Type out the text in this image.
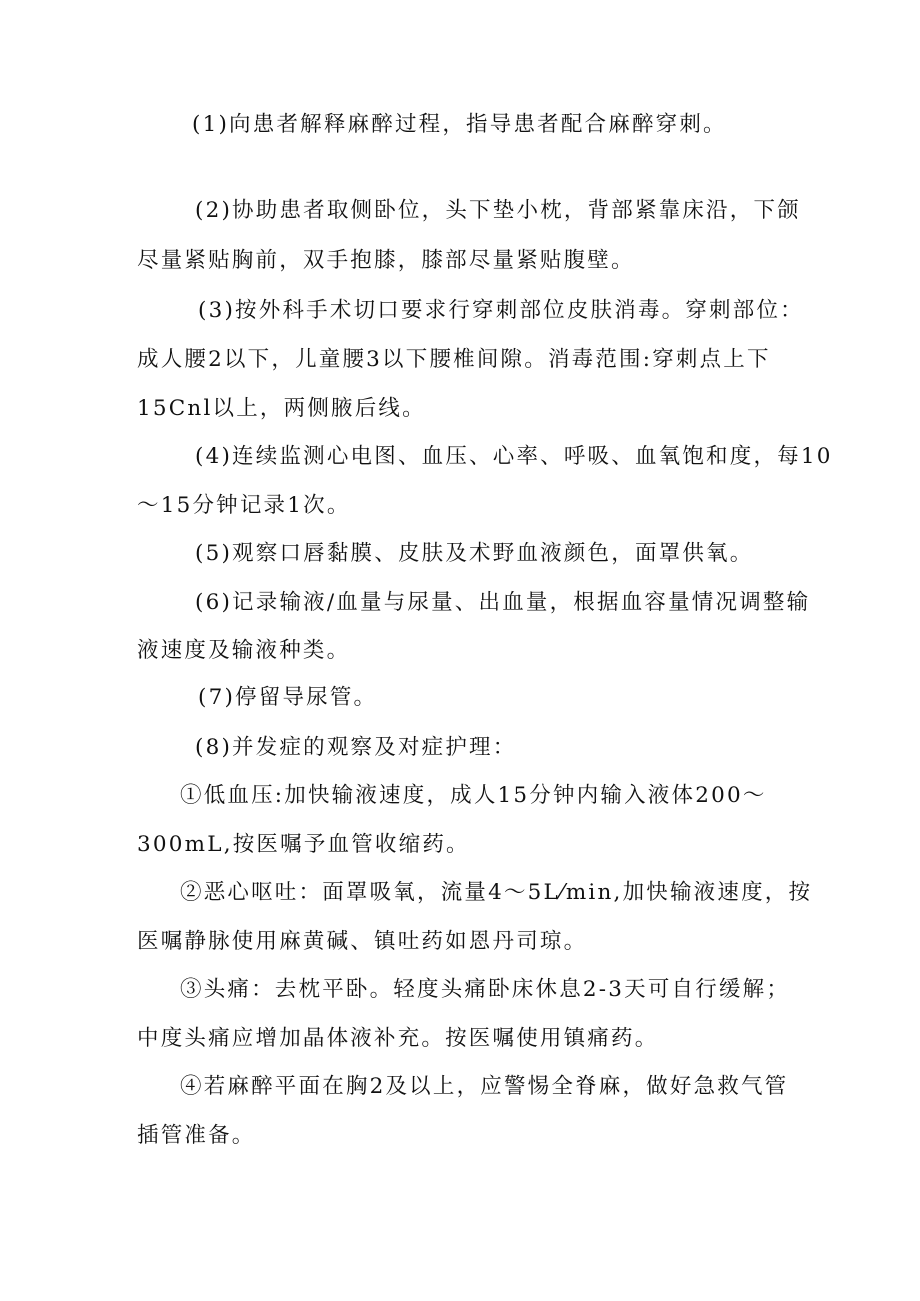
(1)向患者解释麻醉过程，指导患者配合麻醉穿刺。
(2)协助患者取侧卧位，头下垫小枕，背部紧靠床沿，下颌
尽量紧贴胸前，双手抱膝，膝部尽量紧贴腹壁。
(3)按外科手术切口要求行穿刺部位皮肤消毒。穿刺部位：
成人腰2以下，儿童腰3以下腰椎间隙。消毒范围:穿刺点上下
15Cnl以上，两侧腋后线。
(4)连续监测心电图、血压、心率、呼吸、血氧饱和度，每10
～15分钟记录1次。
(5)观察口唇黏膜、皮肤及术野血液颜色，面罩供氧。
(6)记录输液/血量与尿量、出血量，根据血容量情况调整输
液速度及输液种类。
(7)停留导尿管。
(8)并发症的观察及对症护理：
①低血压:加快输液速度，成人15分钟内输入液体200～
300mL,按医嘱予血管收缩药。
②恶心呕吐：面罩吸氧，流量4～5L⁄min,加快输液速度，按
医嘱静脉使用麻黄碱、镇吐药如恩丹司琼。
③头痛：去枕平卧。轻度头痛卧床休息2-3天可自行缓解；
中度头痛应增加晶体液补充。按医嘱使用镇痛药。
④若麻醉平面在胸2及以上，应警惕全脊麻，做好急救气管
插管准备。
